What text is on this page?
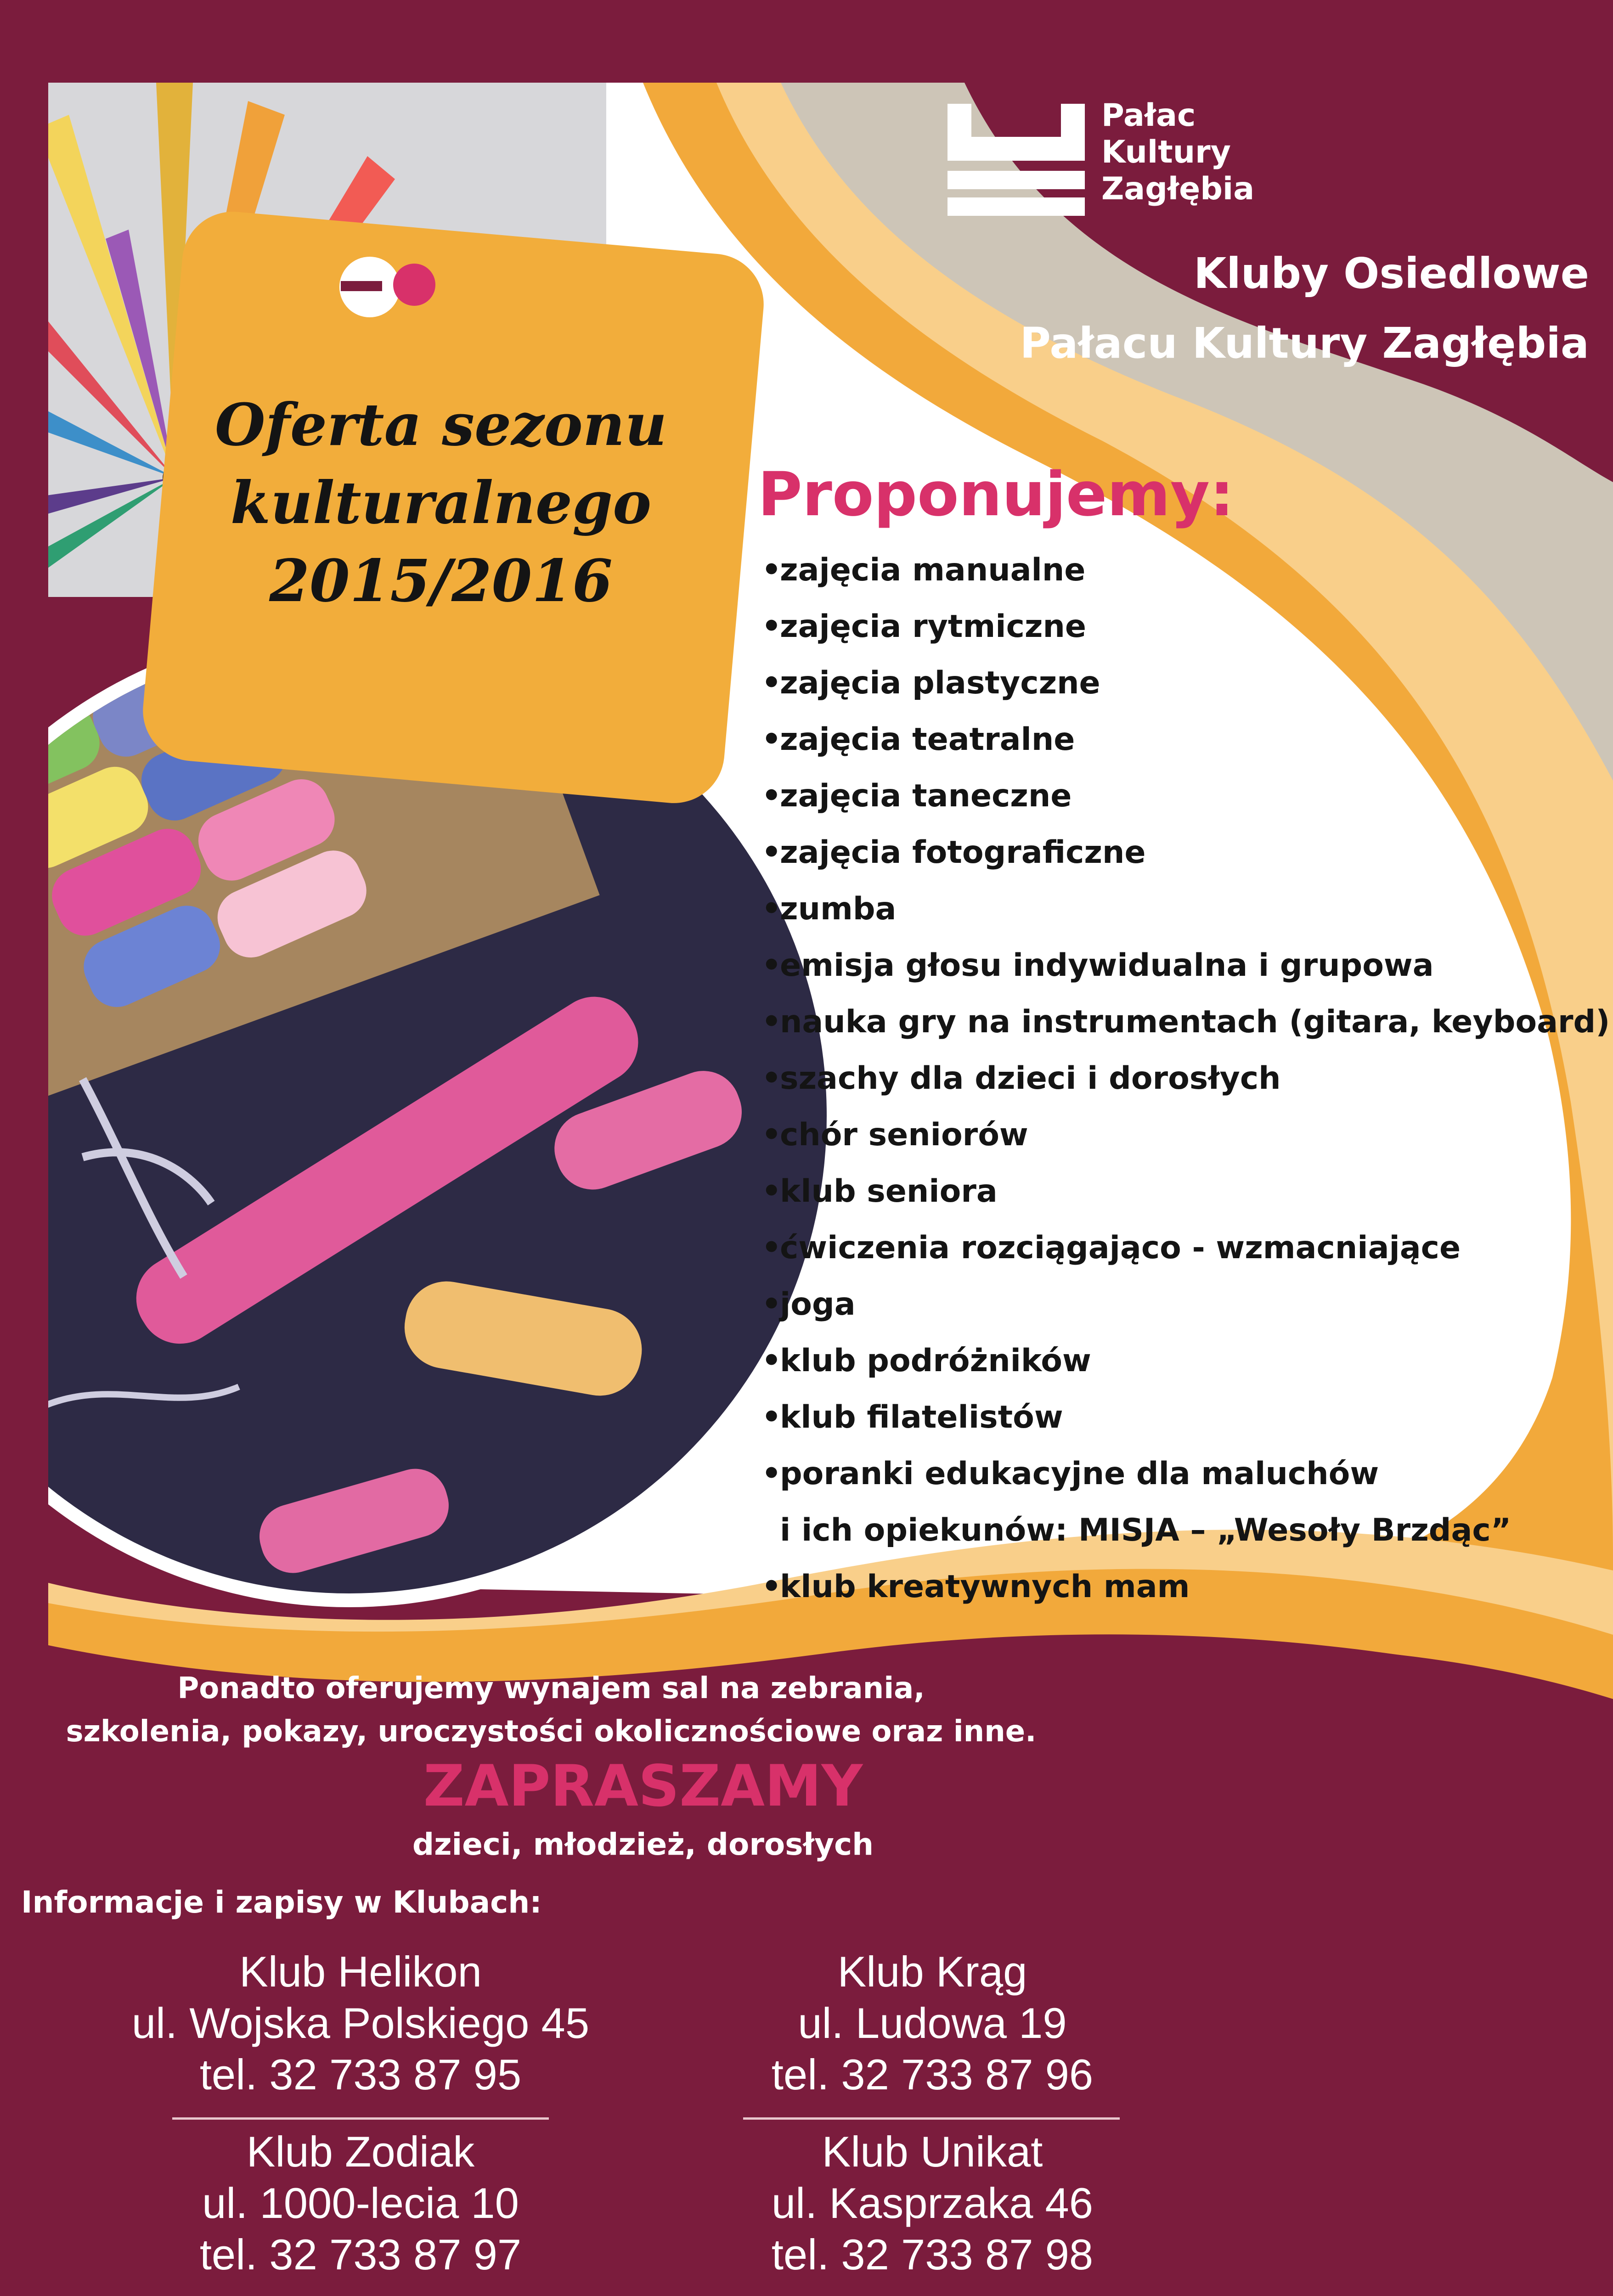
Pałac
Kultury
Zagłębia
Kluby Osiedlowe
Pałacu Kultury Zagłębia
Oferta sezonu
kulturalnego
2015/2016
Proponujemy:
•zajęcia manualne
•zajęcia rytmiczne
•zajęcia plastyczne
•zajęcia teatralne
•zajęcia taneczne
•zajęcia fotograficzne
•zumba
•emisja głosu indywidualna i grupowa
•nauka gry na instrumentach (gitara, keyboard)
•szachy dla dzieci i dorosłych
•chór seniorów
•klub seniora
•ćwiczenia rozciągająco - wzmacniające
•joga
•klub podróżników
•klub filatelistów
•poranki edukacyjne dla maluchów
i ich opiekunów: MISJA – „Wesoły Brzdąc”
•klub kreatywnych mam
Ponadto oferujemy wynajem sal na zebrania,
szkolenia, pokazy, uroczystości okolicznościowe oraz inne.
ZAPRASZAMY
dzieci, młodzież, dorosłych
Informacje i zapisy w Klubach:
Klub Helikon
ul. Wojska Polskiego 45
tel. 32 733 87 95
Klub Krąg
ul. Ludowa 19
tel. 32 733 87 96
Klub Zodiak
ul. 1000-lecia 10
tel. 32 733 87 97
Klub Unikat
ul. Kasprzaka 46
tel. 32 733 87 98
